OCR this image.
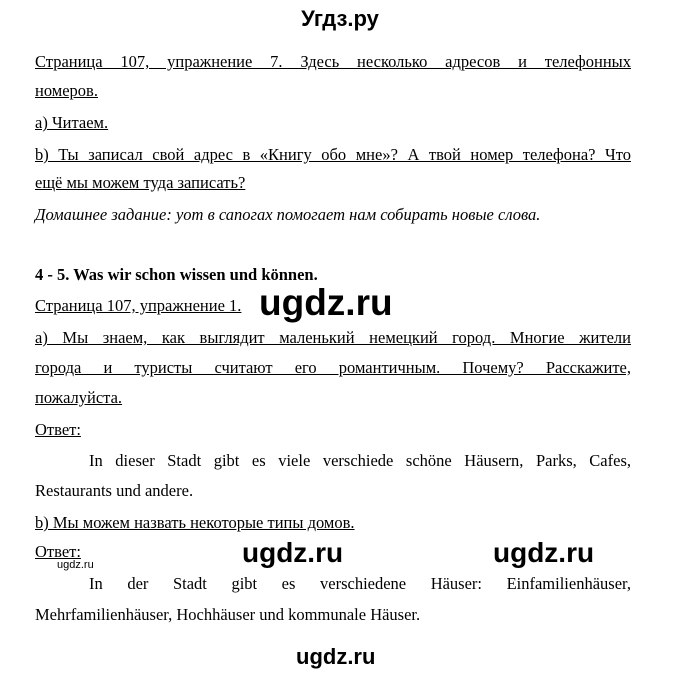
Угдз.ру
Страница 107, упражнение 7. Здесь несколько адресов и телефонных
номеров.
а) Читаем.
b) Ты записал свой адрес в «Книгу обо мне»? А твой номер телефона? Что
ещё мы можем туда записать?
Домашнее задание: уот в сапогах помогает нам собирать новые слова.
4 - 5. Was wir schon wissen und können.
Страница 107, упражнение 1. ugdz.ru
а) Мы знаем, как выглядит маленький немецкий город. Многие жители
города и туристы считают его романтичным. Почему? Расскажите,
пожалуйста.
Ответ:
In dieser Stadt gibt es viele verschiede schöne Häusern, Parks, Cafes,
Restaurants und andere.
b) Мы можем назвать некоторые типы домов.
Ответ:
ugdz.ru	ugdz.ru	ugdz.ru
In der Stadt gibt es verschiedene Häuser: Einfamilienhäuser,
Mehrfamilienhäuser, Hochhäuser und kommunale Häuser.
ugdz.ru
